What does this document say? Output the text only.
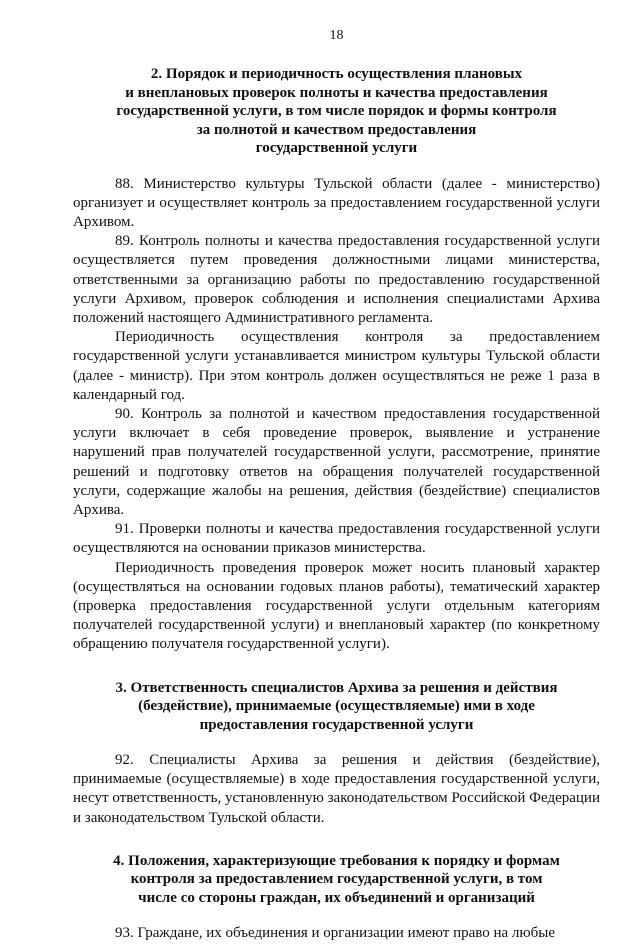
18
2. Порядок и периодичность осуществления плановых
и внеплановых проверок полноты и качества предоставления
государственной услуги, в том числе порядок и формы контроля
за полнотой и качеством предоставления
государственной услуги

88. Министерство культуры Тульской области (далее - министерство) организует и осуществляет контроль за предоставлением государственной услуги Архивом.

89. Контроль полноты и качества предоставления государственной услуги осуществляется путем проведения должностными лицами министерства, ответственными за организацию работы по предоставлению государственной услуги Архивом, проверок соблюдения и исполнения специалистами Архива положений настоящего Административного регламента.

Периодичность осуществления контроля за предоставлением государственной услуги устанавливается министром культуры Тульской области (далее - министр). При этом контроль должен осуществляться не реже 1 раза в календарный год.

90. Контроль за полнотой и качеством предоставления государственной услуги включает в себя проведение проверок, выявление и устранение нарушений прав получателей государственной услуги, рассмотрение, принятие решений и подготовку ответов на обращения получателей государственной услуги, содержащие жалобы на решения, действия (бездействие) специалистов Архива.

91. Проверки полноты и качества предоставления государственной услуги осуществляются на основании приказов министерства.

Периодичность проведения проверок может носить плановый характер (осуществляться на основании годовых планов работы), тематический характер (проверка предоставления государственной услуги отдельным категориям получателей государственной услуги) и внеплановый характер (по конкретному обращению получателя государственной услуги).

3. Ответственность специалистов Архива за решения и действия
(бездействие), принимаемые (осуществляемые) ими в ходе
предоставления государственной услуги

92. Специалисты Архива за решения и действия (бездействие), принимаемые (осуществляемые) в ходе предоставления государственной услуги, несут ответственность, установленную законодательством Российской Федерации и законодательством Тульской области.

4. Положения, характеризующие требования к порядку и формам
контроля за предоставлением государственной услуги, в том
числе со стороны граждан, их объединений и организаций

93. Граждане, их объединения и организации имеют право на любые
